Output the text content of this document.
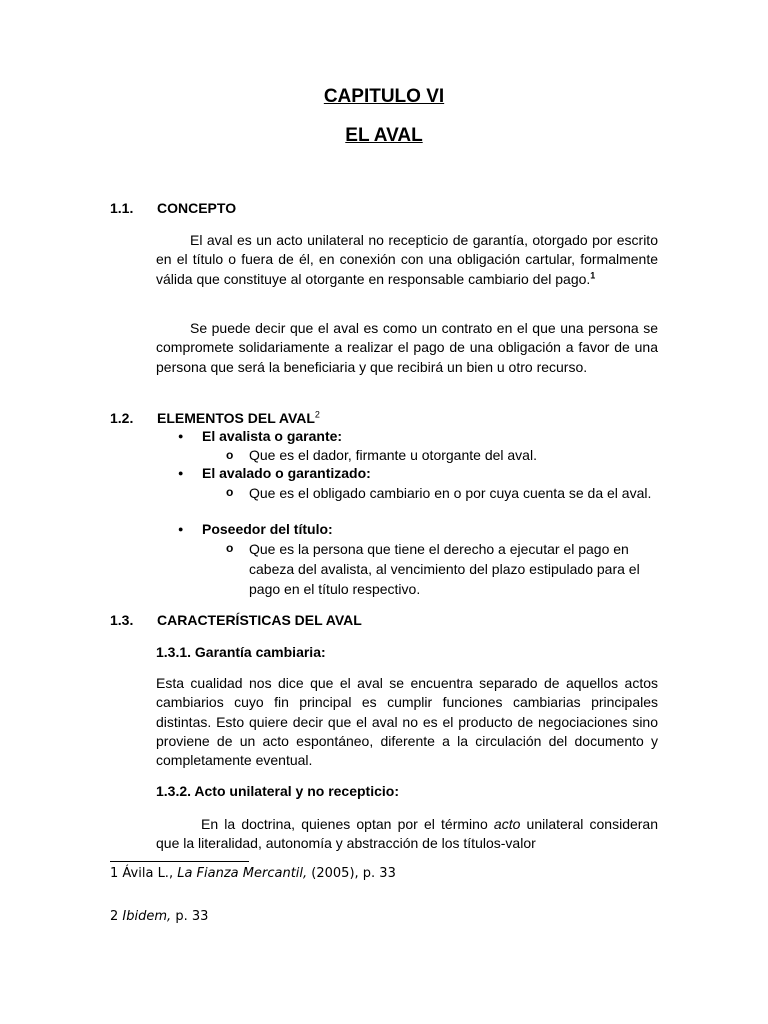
CAPITULO VI
EL AVAL
1.1. CONCEPTO
El aval es un acto unilateral no recepticio de garantía, otorgado por escrito en el título o fuera de él, en conexión con una obligación cartular, formalmente válida que constituye al otorgante en responsable cambiario del pago.$^1$
Se puede decir que el aval es como un contrato en el que una persona se compromete solidariamente a realizar el pago de una obligación a favor de una persona que será la beneficiaria y que recibirá un bien u otro recurso.
1.2. ELEMENTOS DEL AVAL$^2$
● El avalista o garante:
o Que es el dador, firmante u otorgante del aval.
● El avalado o garantizado:
o Que es el obligado cambiario en o por cuya cuenta se da el aval.
● Poseedor del título:
o Que es la persona que tiene el derecho a ejecutar el pago en cabeza del avalista, al vencimiento del plazo estipulado para el pago en el título respectivo.
1.3. CARACTERÍSTICAS DEL AVAL
1.3.1. Garantía cambiaria:
Esta cualidad nos dice que el aval se encuentra separado de aquellos actos cambiarios cuyo fin principal es cumplir funciones cambiarias principales distintas. Esto quiere decir que el aval no es el producto de negociaciones sino proviene de un acto espontáneo, diferente a la circulación del documento y completamente eventual.
1.3.2. Acto unilateral y no recepticio:
En la doctrina, quienes optan por el término acto unilateral consideran que la literalidad, autonomía y abstracción de los títulos-valor
1 Ávila L., La Fianza Mercantil, (2005), p. 33
2 Ibidem, p. 33
